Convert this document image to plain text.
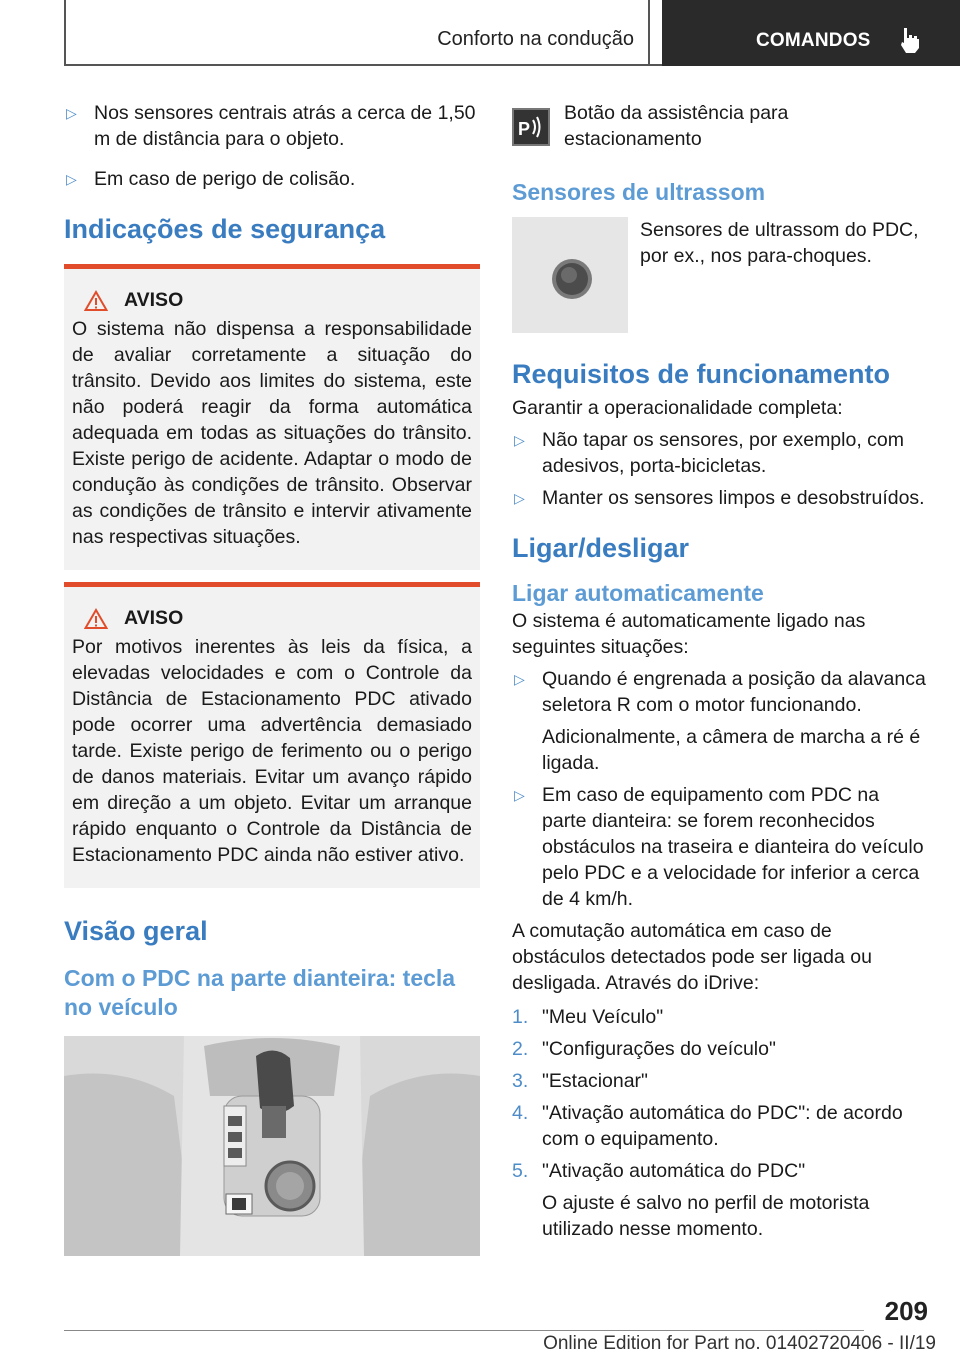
Conforto na condução	COMANDOS
▷ Nos sensores centrais atrás a cerca de 1,50 m de distância para o objeto.
▷ Em caso de perigo de colisão.
Indicações de segurança
AVISO

O sistema não dispensa a responsabilidade de avaliar corretamente a situação do trânsito. Devido aos limites do sistema, este não poderá reagir da forma automática adequada em todas as situações do trânsito. Existe perigo de acidente. Adaptar o modo de condução às condições de trânsito. Observar as condições de trânsito e intervir ativamente nas respectivas situações.

AVISO

Por motivos inerentes às leis da física, a elevadas velocidades e com o Controle da Distância de Estacionamento PDC ativado pode ocorrer uma advertência demasiado tarde. Existe perigo de ferimento ou o perigo de danos materiais. Evitar um avanço rápido em direção a um objeto. Evitar um arranque rápido enquanto o Controle da Distância de Estacionamento PDC ainda não estiver ativo.

Visão geral
Com o PDC na parte dianteira: tecla no veículo
P

Botão da assistência para estacionamento

Sensores de ultrassom

Sensores de ultrassom do PDC, por ex., nos para-choques.

Requisitos de funcionamento

Garantir a operacionalidade completa:

▷ Não tapar os sensores, por exemplo, com adesivos, porta-bicicletas.
▷ Manter os sensores limpos e desobstruídos.
Ligar/desligar
Ligar automaticamente

O sistema é automaticamente ligado nas seguintes situações:

▷ Quando é engrenada a posição da alavanca seletora R com o motor funcionando.

Adicionalmente, a câmera de marcha a ré é ligada.

▷ Em caso de equipamento com PDC na parte dianteira: se forem reconhecidos obstáculos na traseira e dianteira do veículo pelo PDC e a velocidade for inferior a cerca de 4 km/h.

A comutação automática em caso de obstáculos detectados pode ser ligada ou desligada. Através do iDrive:

1. "Meu Veículo"

2. "Configurações do veículo"

3. "Estacionar"

4. "Ativação automática do PDC": de acordo com o equipamento.

5. "Ativação automática do PDC"

O ajuste é salvo no perfil de motorista utilizado nesse momento.

209
Online Edition for Part no. 01402720406 - II/19
